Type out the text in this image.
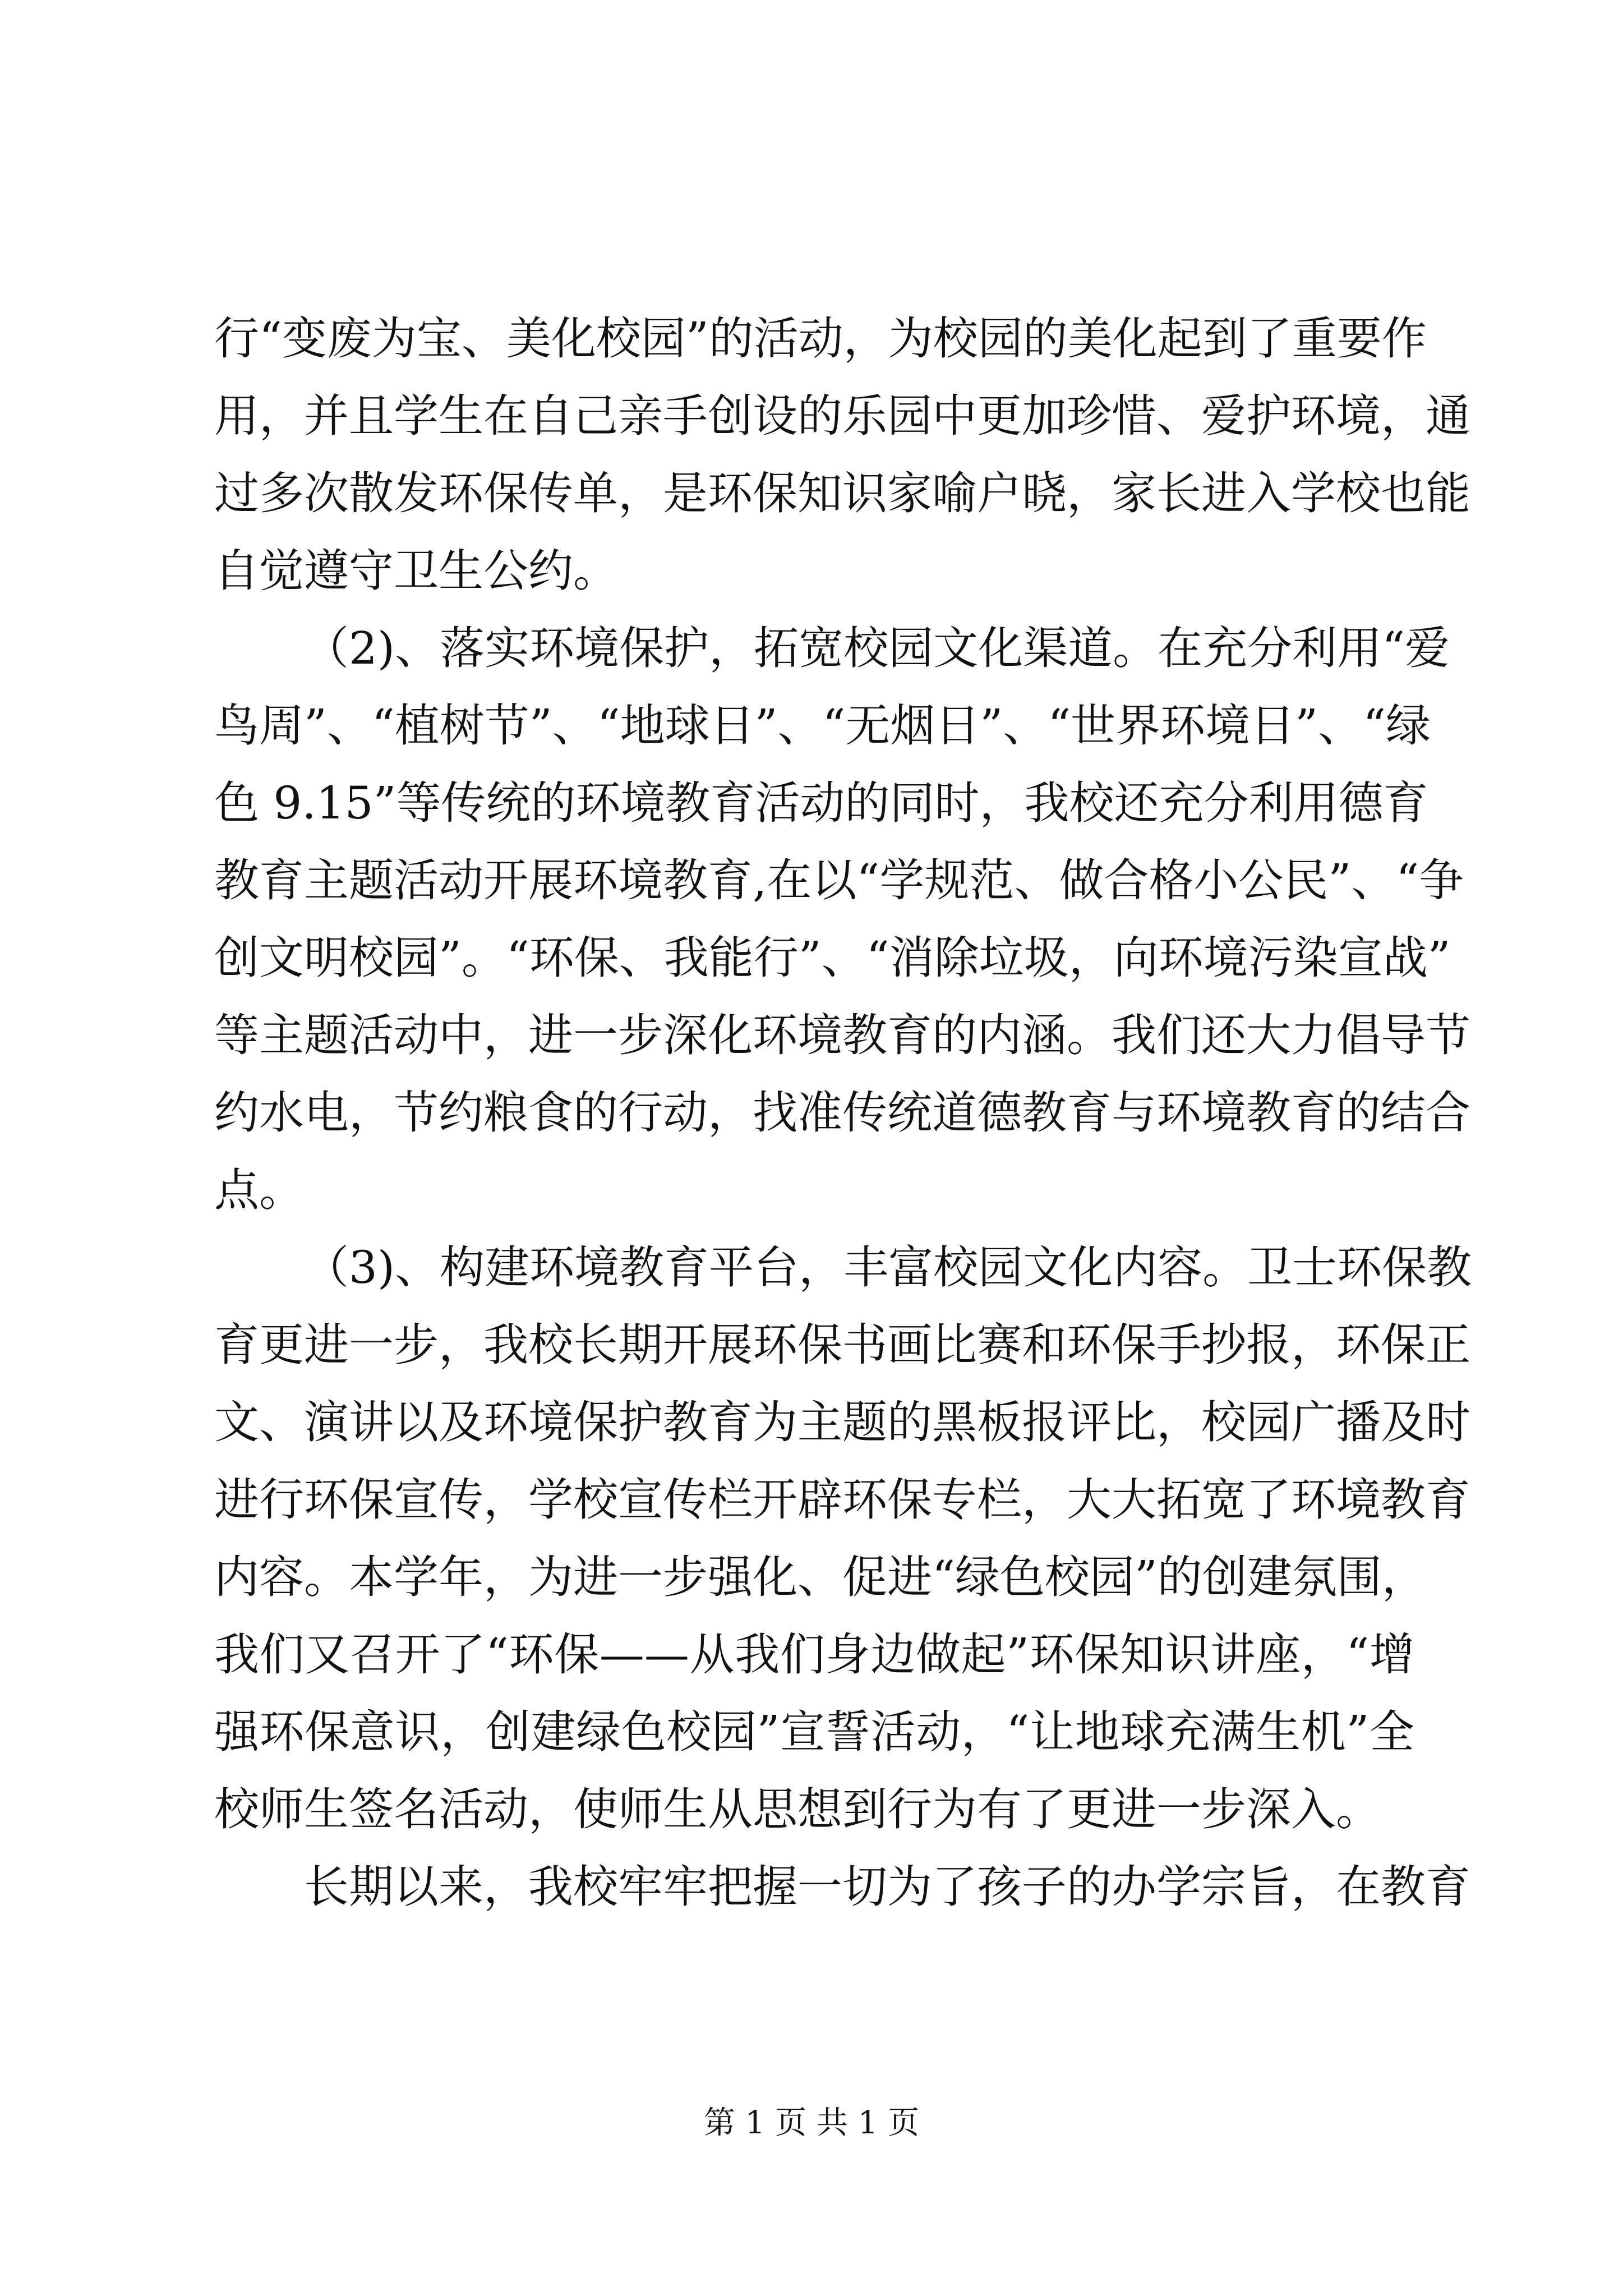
行“变废为宝、美化校园”的活动，为校园的美化起到了重要作
用，并且学生在自己亲手创设的乐园中更加珍惜、爱护环境，通
过多次散发环保传单，是环保知识家喻户晓，家长进入学校也能
自觉遵守卫生公约。
（2)、落实环境保护，拓宽校园文化渠道。在充分利用“爱
鸟周”、“植树节”、“地球日”、“无烟日”、“世界环境日”、“绿
色 9.15”等传统的环境教育活动的同时，我校还充分利用德育
教育主题活动开展环境教育,在以“学规范、做合格小公民”、“争
创文明校园”。“环保、我能行”、“消除垃圾，向环境污染宣战”
等主题活动中，进一步深化环境教育的内涵。我们还大力倡导节
约水电，节约粮食的行动，找准传统道德教育与环境教育的结合
点。
（3)、构建环境教育平台，丰富校园文化内容。卫士环保教
育更进一步，我校长期开展环保书画比赛和环保手抄报，环保正
文、演讲以及环境保护教育为主题的黑板报评比，校园广播及时
进行环保宣传，学校宣传栏开辟环保专栏，大大拓宽了环境教育
内容。本学年，为进一步强化、促进“绿色校园”的创建氛围，
我们又召开了“环保——从我们身边做起”环保知识讲座，“增
强环保意识，创建绿色校园”宣誓活动，“让地球充满生机”全
校师生签名活动，使师生从思想到行为有了更进一步深入。
长期以来，我校牢牢把握一切为了孩子的办学宗旨，在教育
第 1 页 共 1 页
